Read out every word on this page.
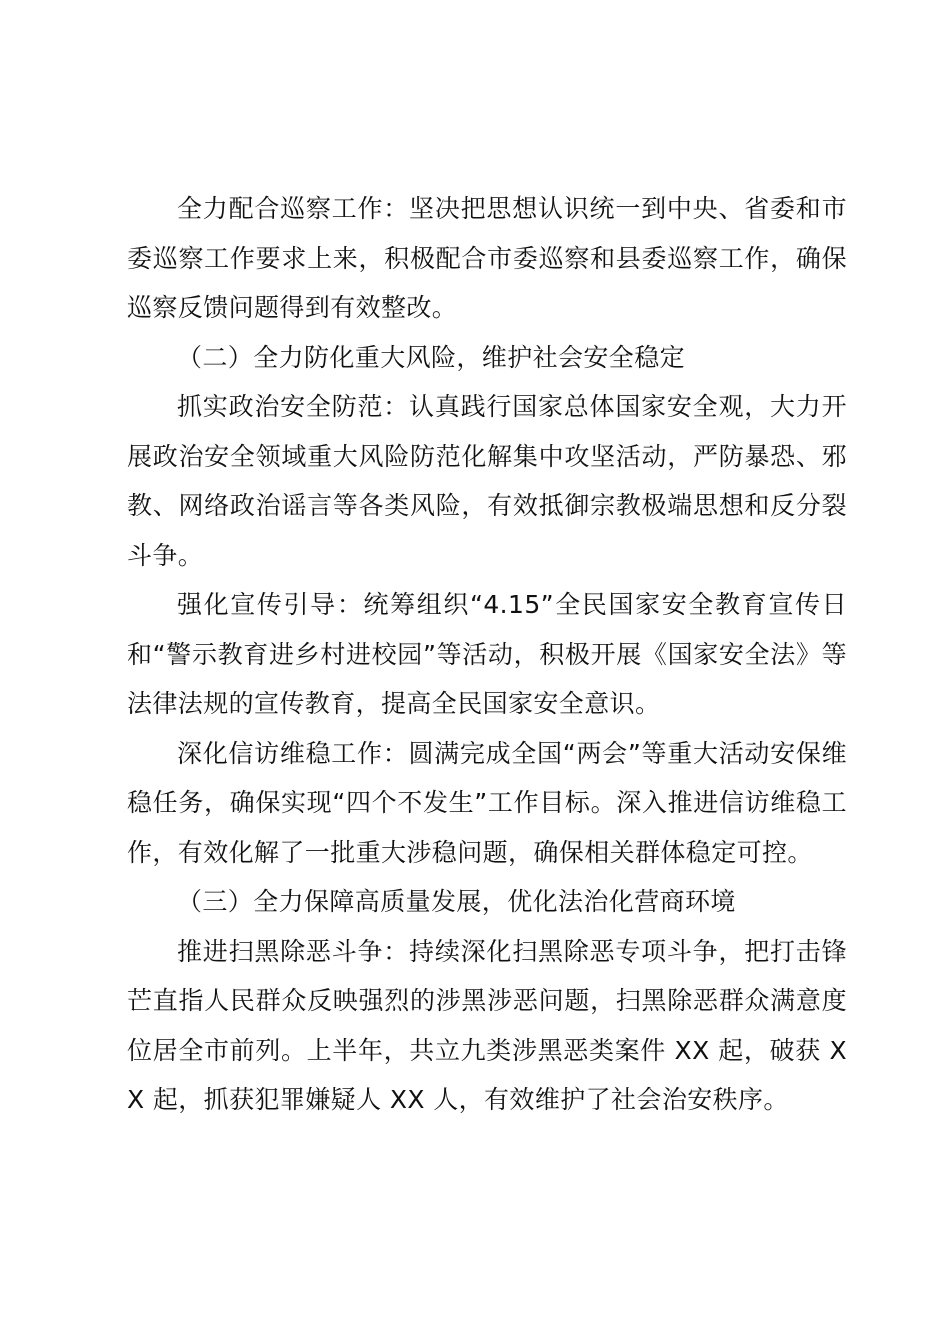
全力配合巡察工作：坚决把思想认识统一到中央、省委和市委巡察工作要求上来，积极配合市委巡察和县委巡察工作，确保巡察反馈问题得到有效整改。

（二）全力防化重大风险，维护社会安全稳定

抓实政治安全防范：认真践行国家总体国家安全观，大力开展政治安全领域重大风险防范化解集中攻坚活动，严防暴恐、邪教、网络政治谣言等各类风险，有效抵御宗教极端思想和反分裂斗争。

强化宣传引导：统筹组织“4.15”全民国家安全教育宣传日和“警示教育进乡村进校园”等活动，积极开展《国家安全法》等法律法规的宣传教育，提高全民国家安全意识。

深化信访维稳工作：圆满完成全国“两会”等重大活动安保维稳任务，确保实现“四个不发生”工作目标。深入推进信访维稳工作，有效化解了一批重大涉稳问题，确保相关群体稳定可控。

（三）全力保障高质量发展，优化法治化营商环境

推进扫黑除恶斗争：持续深化扫黑除恶专项斗争，把打击锋芒直指人民群众反映强烈的涉黑涉恶问题，扫黑除恶群众满意度位居全市前列。上半年，共立九类涉黑恶类案件 XX 起，破获 XX 起，抓获犯罪嫌疑人 XX 人，有效维护了社会治安秩序。
